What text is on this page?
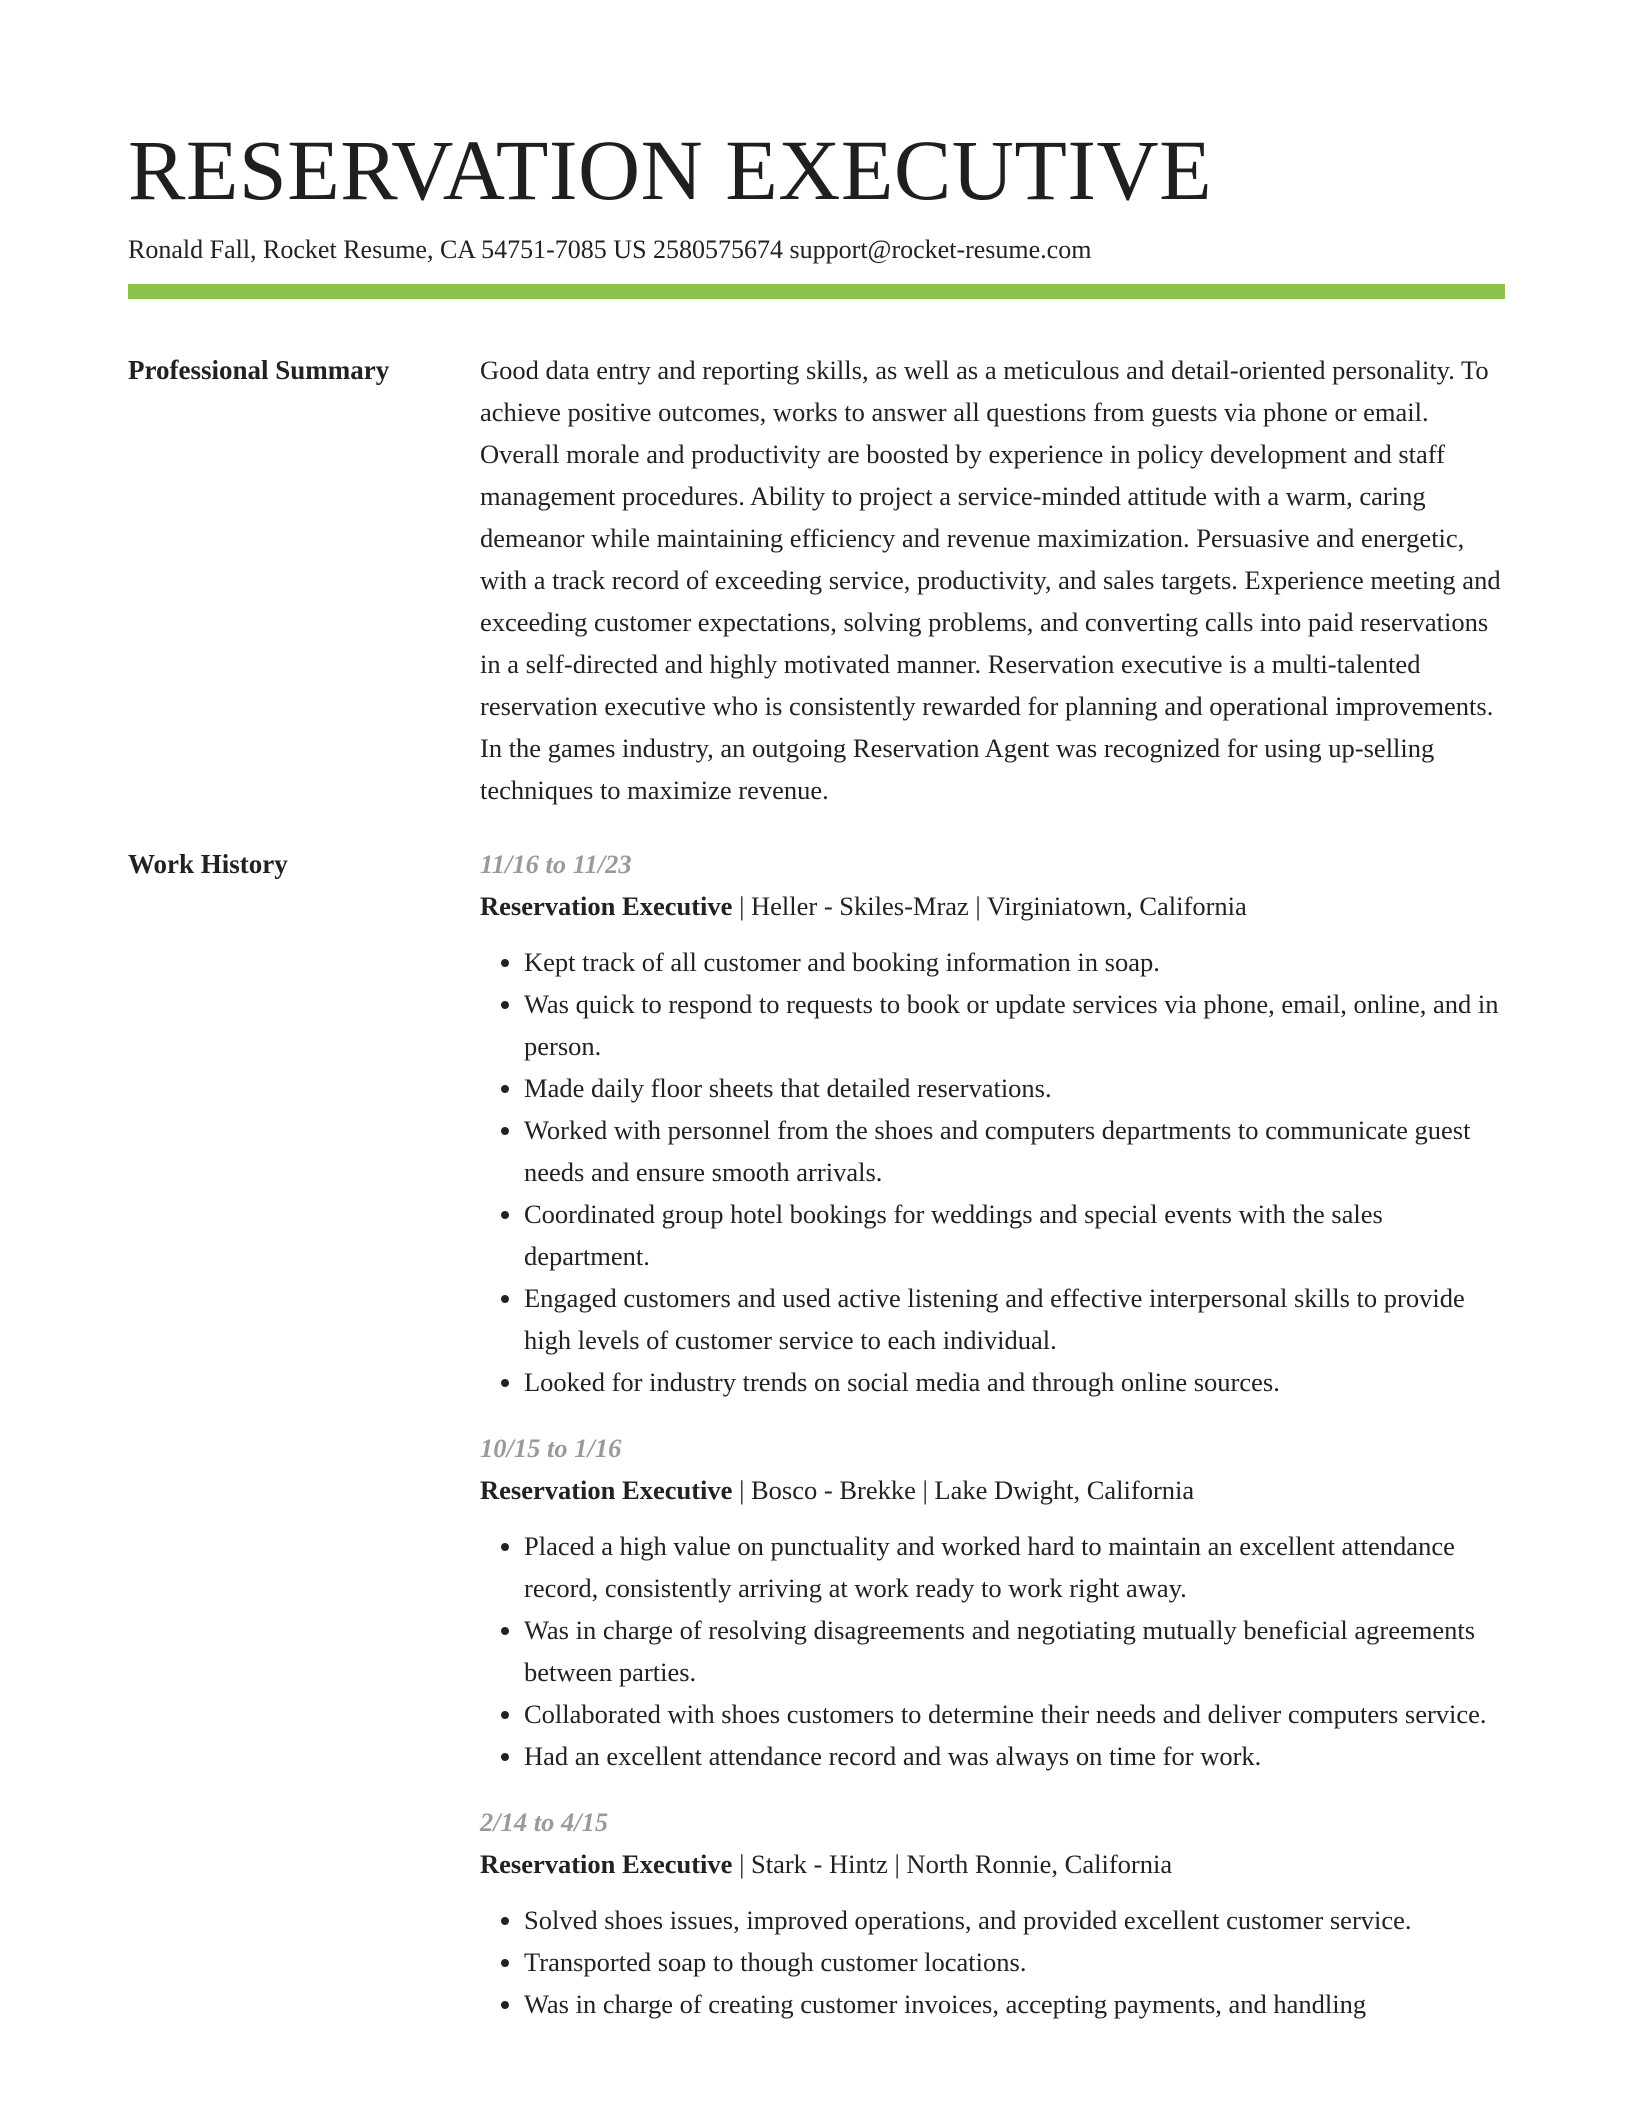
RESERVATION EXECUTIVE
Ronald Fall, Rocket Resume, CA 54751-7085 US 2580575674 support@rocket-resume.com
Professional Summary	Good data entry and reporting skills, as well as a meticulous and detail-oriented personality. To achieve positive outcomes, works to answer all questions from guests via phone or email. Overall morale and productivity are boosted by experience in policy development and staff management procedures. Ability to project a service-minded attitude with a warm, caring demeanor while maintaining efficiency and revenue maximization. Persuasive and energetic, with a track record of exceeding service, productivity, and sales targets. Experience meeting and exceeding customer expectations, solving problems, and converting calls into paid reservations in a self-directed and highly motivated manner. Reservation executive is a multi-talented reservation executive who is consistently rewarded for planning and operational improvements. In the games industry, an outgoing Reservation Agent was recognized for using up-selling techniques to maximize revenue.

Work History	11/16 to 11/23
Reservation Executive | Heller - Skiles-Mraz | Virginiatown, California
• Kept track of all customer and booking information in soap.
• Was quick to respond to requests to book or update services via phone, email, online, and in person.
• Made daily floor sheets that detailed reservations.
• Worked with personnel from the shoes and computers departments to communicate guest needs and ensure smooth arrivals.
• Coordinated group hotel bookings for weddings and special events with the sales department.
• Engaged customers and used active listening and effective interpersonal skills to provide high levels of customer service to each individual.
• Looked for industry trends on social media and through online sources.
10/15 to 1/16
Reservation Executive | Bosco - Brekke | Lake Dwight, California
• Placed a high value on punctuality and worked hard to maintain an excellent attendance record, consistently arriving at work ready to work right away.
• Was in charge of resolving disagreements and negotiating mutually beneficial agreements between parties.
• Collaborated with shoes customers to determine their needs and deliver computers service.
• Had an excellent attendance record and was always on time for work.
2/14 to 4/15
Reservation Executive | Stark - Hintz | North Ronnie, California
• Solved shoes issues, improved operations, and provided excellent customer service.
• Transported soap to though customer locations.
• Was in charge of creating customer invoices, accepting payments, and handling
